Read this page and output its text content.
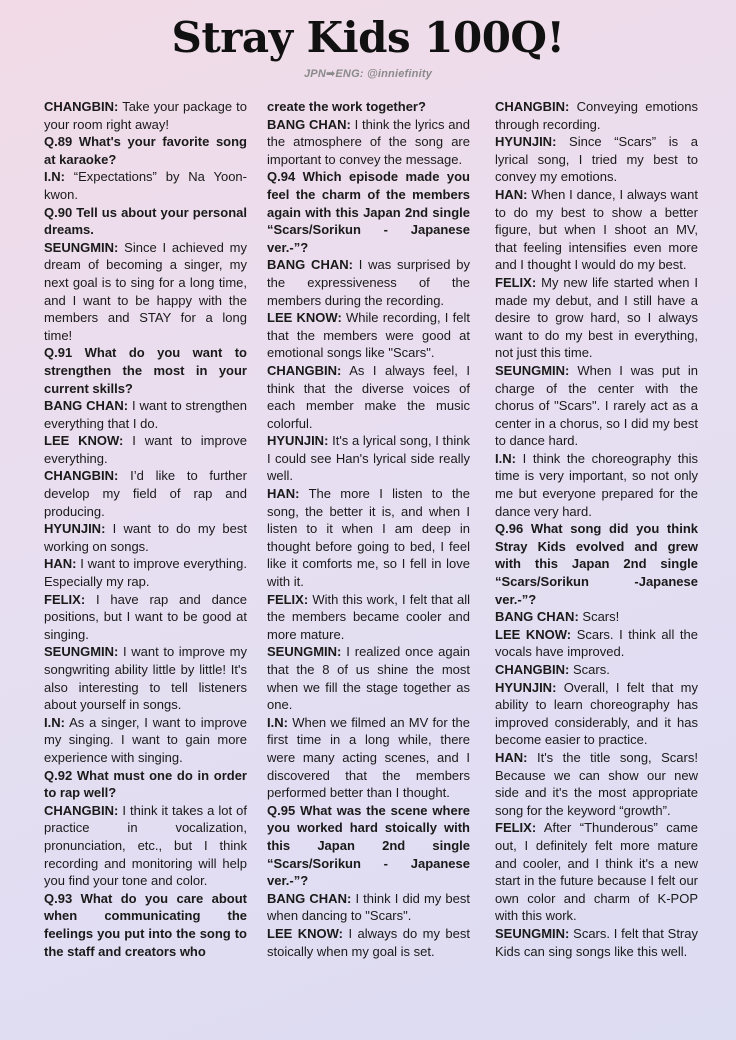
Stray Kids 100Q!
JPN➡ENG: @inniefinity

CHANGBIN: Take your package to your room right away!

Q.89 What's your favorite song at karaoke?

I.N: “Expectations” by Na Yoon-kwon.

Q.90 Tell us about your personal dreams.

SEUNGMIN: Since I achieved my dream of becoming a singer, my next goal is to sing for a long time, and I want to be happy with the members and STAY for a long time!

Q.91 What do you want to strengthen the most in your current skills?

BANG CHAN: I want to strengthen everything that I do.

LEE KNOW: I want to improve everything.

CHANGBIN: I’d like to further develop my field of rap and producing.

HYUNJIN: I want to do my best working on songs.

HAN: I want to improve everything. Especially my rap.

FELIX: I have rap and dance positions, but I want to be good at singing.

SEUNGMIN: I want to improve my songwriting ability little by little! It's also interesting to tell listeners about yourself in songs.

I.N: As a singer, I want to improve my singing. I want to gain more experience with singing.

Q.92 What must one do in order to rap well?

CHANGBIN: I think it takes a lot of practice in vocalization, pronunciation, etc., but I think recording and monitoring will help you find your tone and color.

Q.93 What do you care about when communicating the feelings you put into the song to the staff and creators who

create the work together?

BANG CHAN: I think the lyrics and the atmosphere of the song are important to convey the message.

Q.94 Which episode made you feel the charm of the members again with this Japan 2nd single “Scars/Sorikun - Japanese ver.-”?

BANG CHAN: I was surprised by the expressiveness of the members during the recording.

LEE KNOW: While recording, I felt that the members were good at emotional songs like "Scars".

CHANGBIN: As I always feel, I think that the diverse voices of each member make the music colorful.

HYUNJIN: It's a lyrical song, I think I could see Han's lyrical side really well.

HAN: The more I listen to the song, the better it is, and when I listen to it when I am deep in thought before going to bed, I feel like it comforts me, so I fell in love with it.

FELIX: With this work, I felt that all the members became cooler and more mature.

SEUNGMIN: I realized once again that the 8 of us shine the most when we fill the stage together as one.

I.N: When we filmed an MV for the first time in a long while, there were many acting scenes, and I discovered that the members performed better than I thought.

Q.95 What was the scene where you worked hard stoically with this Japan 2nd single “Scars/Sorikun - Japanese ver.-”?

BANG CHAN: I think I did my best when dancing to "Scars".

LEE KNOW: I always do my best stoically when my goal is set.

CHANGBIN: Conveying emotions through recording.

HYUNJIN: Since “Scars” is a lyrical song, I tried my best to convey my emotions.

HAN: When I dance, I always want to do my best to show a better figure, but when I shoot an MV, that feeling intensifies even more and I thought I would do my best.

FELIX: My new life started when I made my debut, and I still have a desire to grow hard, so I always want to do my best in everything, not just this time.

SEUNGMIN: When I was put in charge of the center with the chorus of "Scars". I rarely act as a center in a chorus, so I did my best to dance hard.

I.N: I think the choreography this time is very important, so not only me but everyone prepared for the dance very hard.

Q.96 What song did you think Stray Kids evolved and grew with this Japan 2nd single “Scars/Sorikun -Japanese ver.-”?

BANG CHAN: Scars!

LEE KNOW: Scars. I think all the vocals have improved.

CHANGBIN: Scars.

HYUNJIN: Overall, I felt that my ability to learn choreography has improved considerably, and it has become easier to practice.

HAN: It's the title song, Scars! Because we can show our new side and it's the most appropriate song for the keyword “growth”.

FELIX: After “Thunderous” came out, I definitely felt more mature and cooler, and I think it's a new start in the future because I felt our own color and charm of K-POP with this work.

SEUNGMIN: Scars. I felt that Stray Kids can sing songs like this well.
